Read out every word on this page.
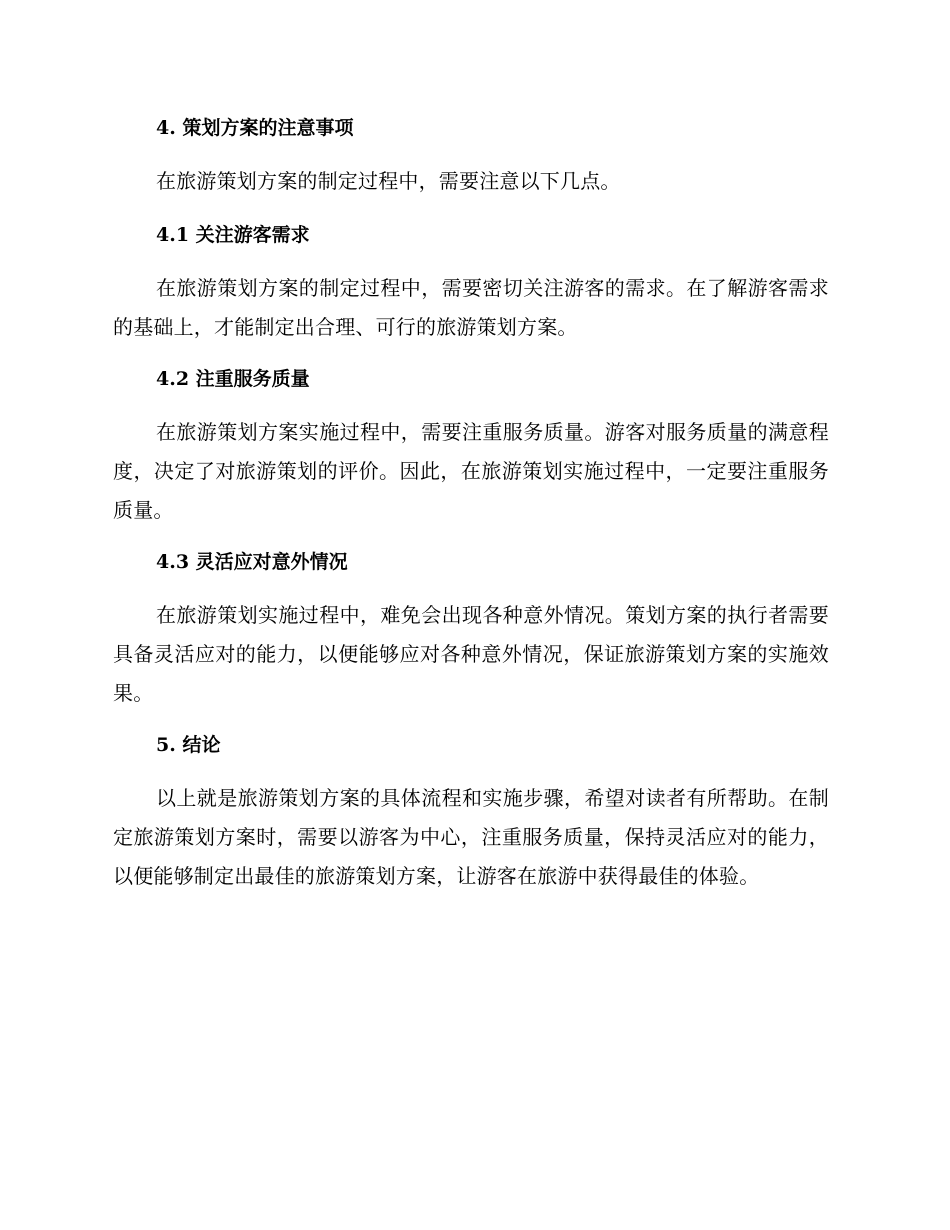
4. 策划方案的注意事项

在旅游策划方案的制定过程中，需要注意以下几点。

4.1 关注游客需求

在旅游策划方案的制定过程中，需要密切关注游客的需求。在了解游客需求的基础上，才能制定出合理、可行的旅游策划方案。

4.2 注重服务质量

在旅游策划方案实施过程中，需要注重服务质量。游客对服务质量的满意程度，决定了对旅游策划的评价。因此，在旅游策划实施过程中，一定要注重服务质量。

4.3 灵活应对意外情况

在旅游策划实施过程中，难免会出现各种意外情况。策划方案的执行者需要具备灵活应对的能力，以便能够应对各种意外情况，保证旅游策划方案的实施效果。

5. 结论

以上就是旅游策划方案的具体流程和实施步骤，希望对读者有所帮助。在制定旅游策划方案时，需要以游客为中心，注重服务质量，保持灵活应对的能力，以便能够制定出最佳的旅游策划方案，让游客在旅游中获得最佳的体验。
